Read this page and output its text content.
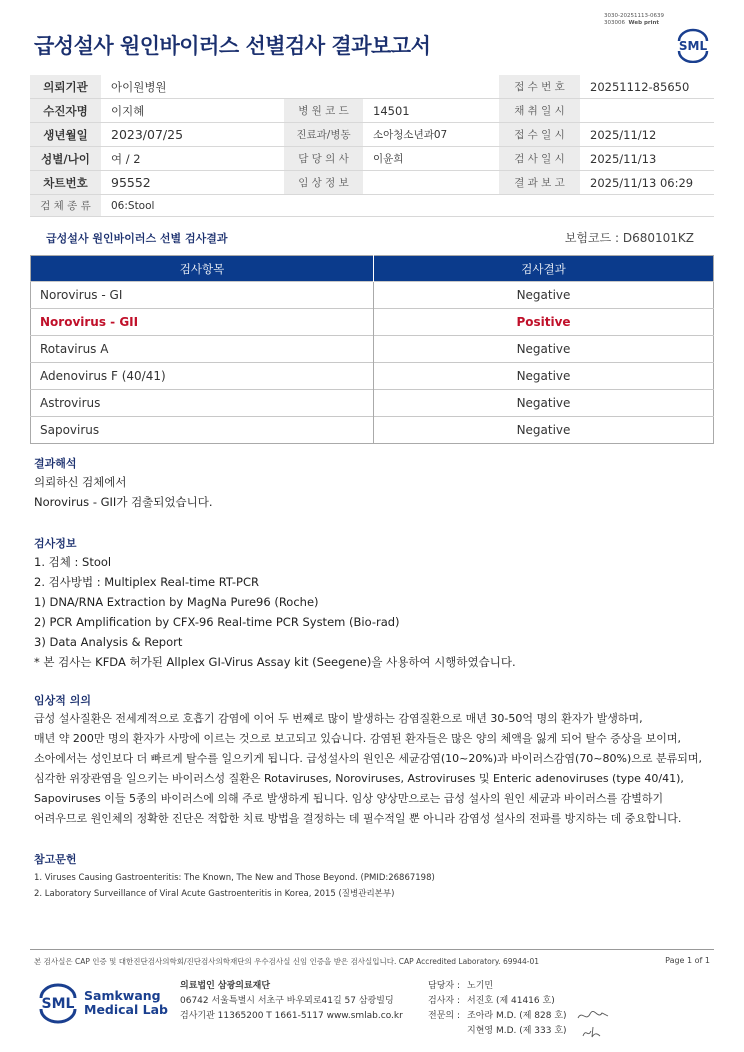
급성설사 원인바이러스 선별검사 결과보고서
3030-20251113-0639
303006 Web print
SML
의뢰기관	아이원병원			접 수 번 호	20251112-85650
수진자명	이지혜	병 원 코 드	14501	채 취 일 시	
생년월일	2023/07/25	진료과/병동	소아청소년과07	접 수 일 시	2025/11/12
성별/나이	여 / 2	담 당 의 사	이윤희	검 사 일 시	2025/11/13
차트번호	95552	임 상 정 보		결 과 보 고	2025/11/13 06:29
검 체 종 류	06:Stool				
급성설사 원인바이러스 선별 검사결과	보험코드 : D680101KZ
검사항목	검사결과
Norovirus - GI	Negative
Norovirus - GII	Positive
Rotavirus A	Negative
Adenovirus F (40/41)	Negative
Astrovirus	Negative
Sapovirus	Negative
결과해석
의뢰하신 검체에서
Norovirus - GII가 검출되었습니다.
검사정보
1. 검체 : Stool
2. 검사방법 : Multiplex Real-time RT-PCR
1) DNA/RNA Extraction by MagNa Pure96 (Roche)
2) PCR Amplification by CFX-96 Real-time PCR System (Bio-rad)
3) Data Analysis & Report
* 본 검사는 KFDA 허가된 Allplex GI-Virus Assay kit (Seegene)을 사용하여 시행하였습니다.
임상적 의의
급성 설사질환은 전세계적으로 호흡기 감염에 이어 두 번째로 많이 발생하는 감염질환으로 매년 30-50억 명의 환자가 발생하며,
매년 약 200만 명의 환자가 사망에 이르는 것으로 보고되고 있습니다. 감염된 환자들은 많은 양의 체액을 잃게 되어 탈수 증상을 보이며,
소아에서는 성인보다 더 빠르게 탈수를 일으키게 됩니다. 급성설사의 원인은 세균감염(10~20%)과 바이러스감염(70~80%)으로 분류되며,
심각한 위장관염을 일으키는 바이러스성 질환은 Rotaviruses, Noroviruses, Astroviruses 및 Enteric adenoviruses (type 40/41),
Sapoviruses 이들 5종의 바이러스에 의해 주로 발생하게 됩니다. 임상 양상만으로는 급성 설사의 원인 세균과 바이러스를 감별하기
어려우므로 원인체의 정확한 진단은 적합한 치료 방법을 결정하는 데 필수적일 뿐 아니라 감염성 설사의 전파를 방지하는 데 중요합니다.
참고문헌
1. Viruses Causing Gastroenteritis: The Known, The New and Those Beyond. (PMID:26867198)
2. Laboratory Surveillance of Viral Acute Gastroenteritis in Korea, 2015 (질병관리본부)
본 검사실은 CAP 인증 및 대한진단검사의학회/진단검사의학재단의 우수검사실 신임 인증을 받은 검사실입니다. CAP Accredited Laboratory. 69944-01	Page 1 of 1
SML
Samkwang
Medical Lab
의료법인 삼광의료재단
06742 서울특별시 서초구 바우뫼로41길 57 삼광빌딩
검사기관 11365200 T 1661-5117 www.smlab.co.kr
담당자 : 노기민
검사자 : 서진호 (제 41416 호)
전문의 : 조아라 M.D. (제 828 호)
지현영 M.D. (제 333 호)
